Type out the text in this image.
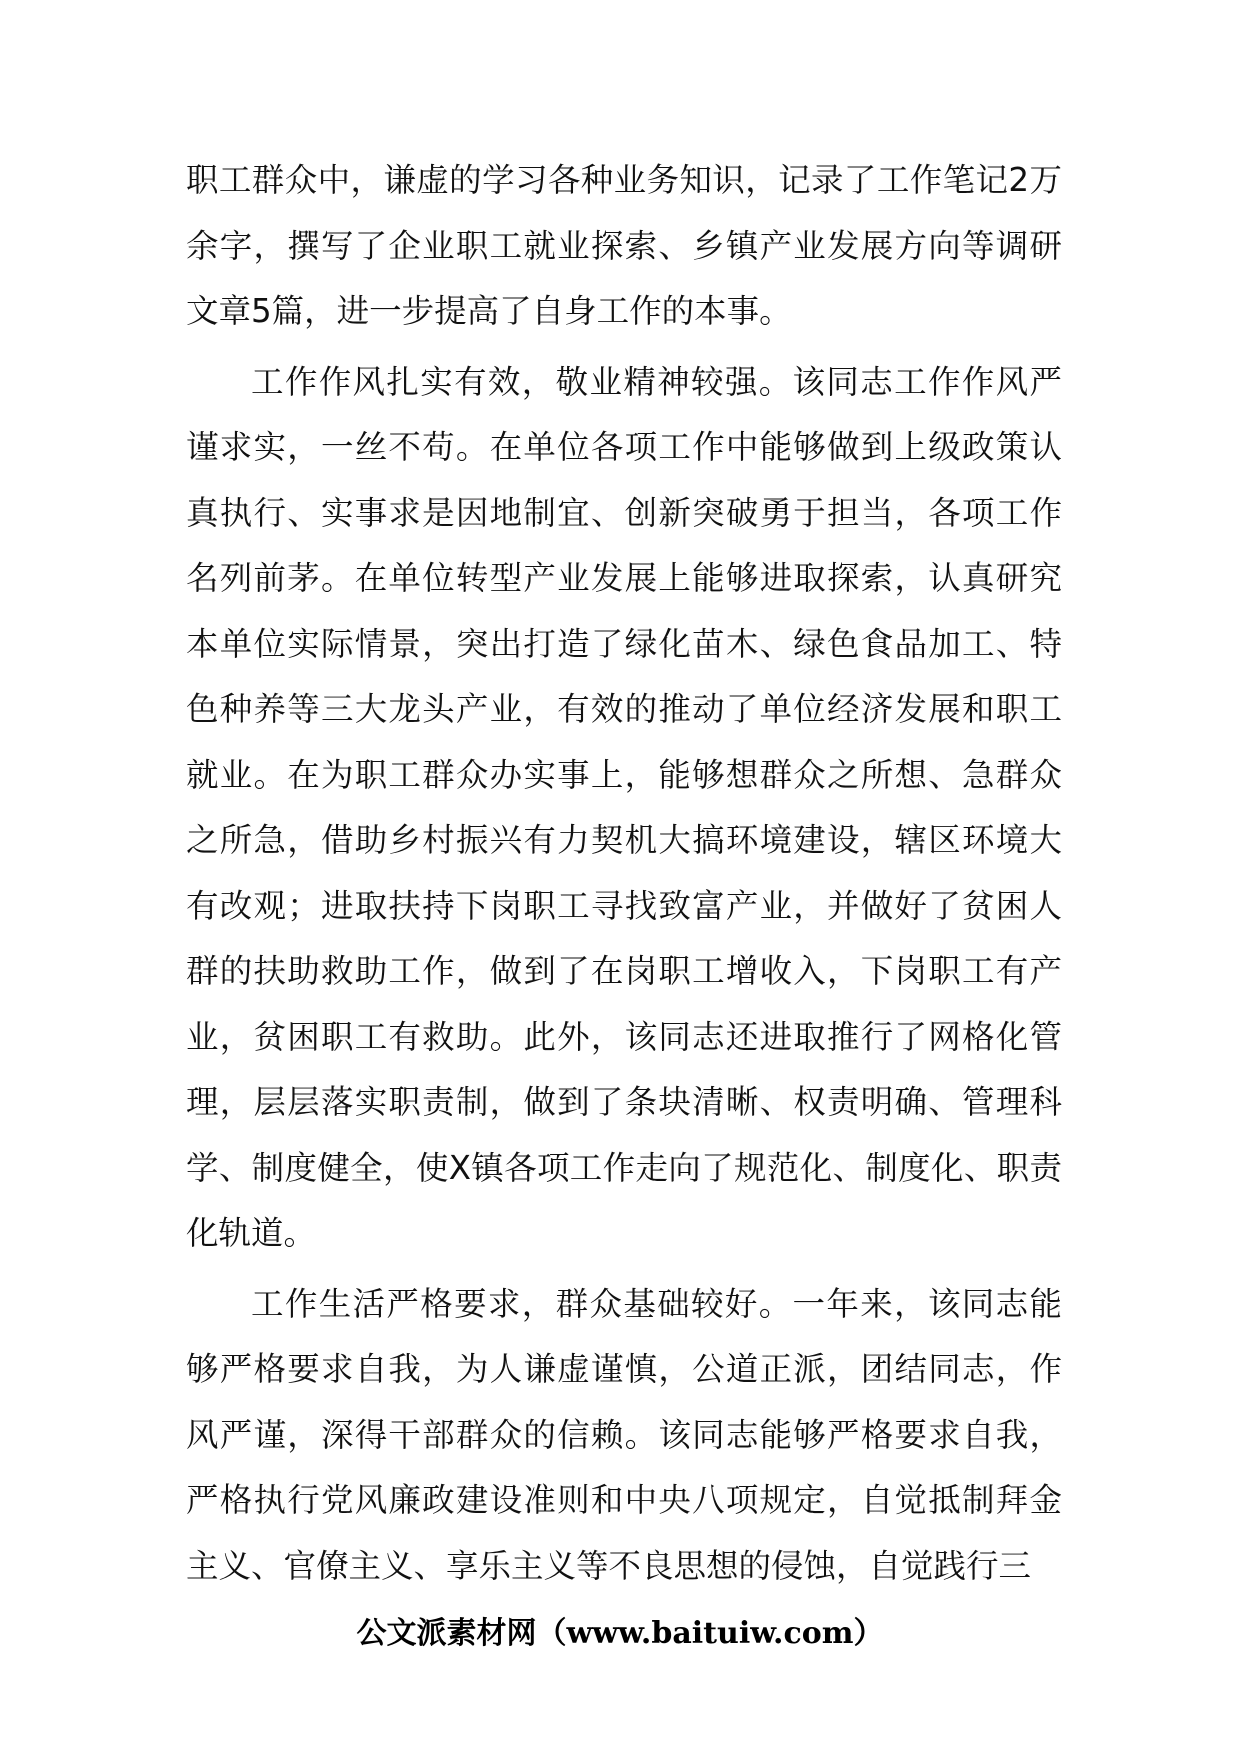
职工群众中，谦虚的学习各种业务知识，记录了工作笔记2万余字，撰写了企业职工就业探索、乡镇产业发展方向等调研文章5篇，进一步提高了自身工作的本事。

工作作风扎实有效，敬业精神较强。该同志工作作风严谨求实，一丝不苟。在单位各项工作中能够做到上级政策认真执行、实事求是因地制宜、创新突破勇于担当，各项工作名列前茅。在单位转型产业发展上能够进取探索，认真研究本单位实际情景，突出打造了绿化苗木、绿色食品加工、特色种养等三大龙头产业，有效的推动了单位经济发展和职工就业。在为职工群众办实事上，能够想群众之所想、急群众之所急，借助乡村振兴有力契机大搞环境建设，辖区环境大有改观；进取扶持下岗职工寻找致富产业，并做好了贫困人群的扶助救助工作，做到了在岗职工增收入，下岗职工有产业，贫困职工有救助。此外，该同志还进取推行了网格化管理，层层落实职责制，做到了条块清晰、权责明确、管理科学、制度健全，使X镇各项工作走向了规范化、制度化、职责化轨道。

工作生活严格要求，群众基础较好。一年来，该同志能够严格要求自我，为人谦虚谨慎，公道正派，团结同志，作风严谨，深得干部群众的信赖。该同志能够严格要求自我，严格执行党风廉政建设准则和中央八项规定，自觉抵制拜金主义、官僚主义、享乐主义等不良思想的侵蚀，自觉践行三

公文派素材网（www.baituiw.com）
